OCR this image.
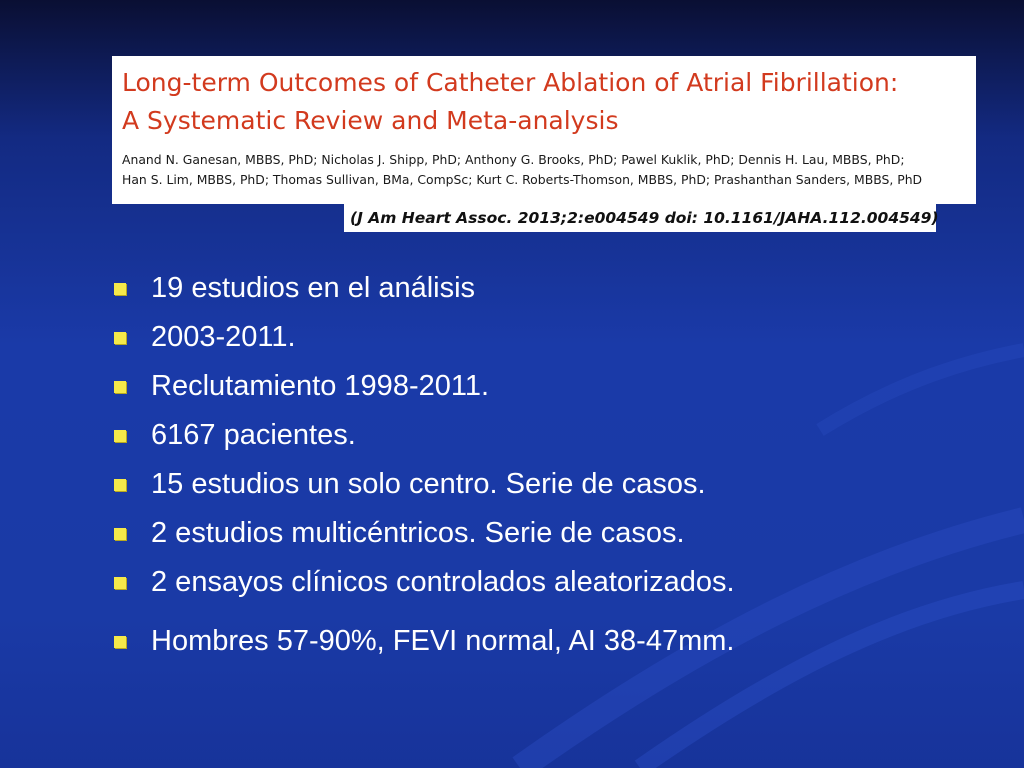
Long-term Outcomes of Catheter Ablation of Atrial Fibrillation:

A Systematic Review and Meta-analysis

Anand N. Ganesan, MBBS, PhD; Nicholas J. Shipp, PhD; Anthony G. Brooks, PhD; Pawel Kuklik, PhD; Dennis H. Lau, MBBS, PhD;
Han S. Lim, MBBS, PhD; Thomas Sullivan, BMa, CompSc; Kurt C. Roberts-Thomson, MBBS, PhD; Prashanthan Sanders, MBBS, PhD
(J Am Heart Assoc. 2013;2:e004549 doi: 10.1161/JAHA.112.004549)
19 estudios en el análisis
2003-2011.
Reclutamiento 1998-2011.
6167 pacientes.
15 estudios un solo centro. Serie de casos.
2 estudios multicéntricos. Serie de casos.
2 ensayos clínicos controlados aleatorizados.
Hombres 57-90%, FEVI normal, AI 38-47mm.
